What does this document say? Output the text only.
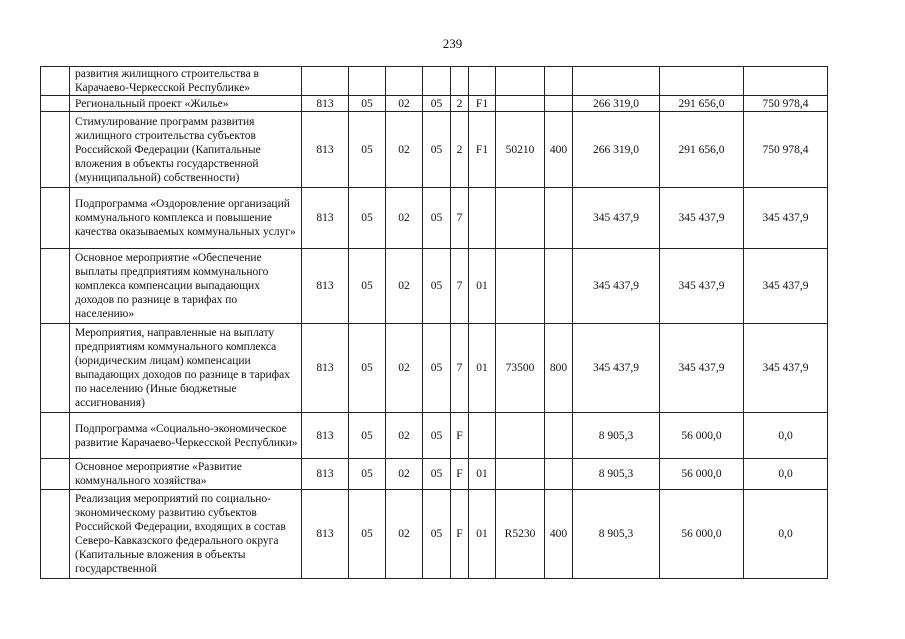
239
	развития жилищного строительства в Карачаево-Черкесской Республике»											
	Региональный проект «Жилье»	813	05	02	05	2	F1			266 319,0	291 656,0	750 978,4
	Стимулирование программ развития жилищного строительства субъектов Российской Федерации (Капитальные вложения в объекты государственной (муниципальной) собственности)	813	05	02	05	2	F1	50210	400	266 319,0	291 656,0	750 978,4
	Подпрограмма «Оздоровление организаций коммунального комплекса и повышение качества оказываемых коммунальных услуг»	813	05	02	05	7				345 437,9	345 437,9	345 437,9
	Основное мероприятие «Обеспечение выплаты предприятиям коммунального комплекса компенсации выпадающих доходов по разнице в тарифах по населению»	813	05	02	05	7	01			345 437,9	345 437,9	345 437,9
	Мероприятия, направленные на выплату предприятиям коммунального комплекса (юридическим лицам) компенсации выпадающих доходов по разнице в тарифах по населению (Иные бюджетные ассигнования)	813	05	02	05	7	01	73500	800	345 437,9	345 437,9	345 437,9
	Подпрограмма «Социально-экономическое развитие Карачаево-Черкесской Республики»	813	05	02	05	F				8 905,3	56 000,0	0,0
	Основное мероприятие «Развитие коммунального хозяйства»	813	05	02	05	F	01			8 905,3	56 000,0	0,0
	Реализация мероприятий по социально-экономическому развитию субъектов Российской Федерации, входящих в состав Северо-Кавказского федерального округа (Капитальные вложения в объекты государственной	813	05	02	05	F	01	R5230	400	8 905,3	56 000,0	0,0
